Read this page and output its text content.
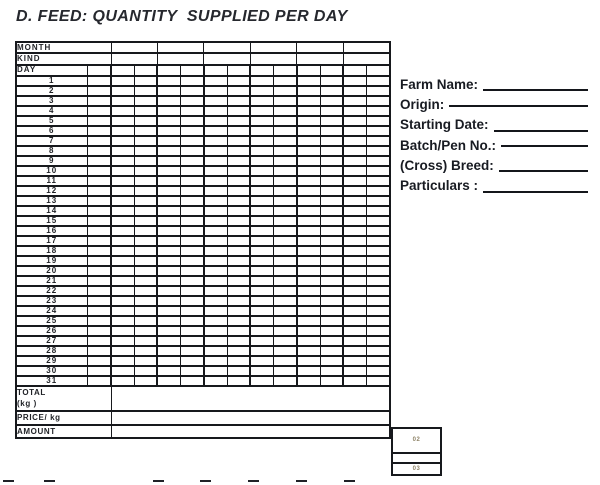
D. FEED: QUANTITY  SUPPLIED PER DAY
MONTH													
KIND													
DAY													
1													
2													
3													
4													
5													
6													
7													
8													
9													
10													
11													
12													
13													
14													
15													
16													
17													
18													
19													
20													
21													
22													
23													
24													
25													
26													
27													
28													
29													
30													
31													
TOTAL
(kg )													
PRICE/ kg													
AMOUNT													
02
03
Farm Name:
Origin:
Starting Date:
Batch/Pen No.:
(Cross) Breed:
Particulars :
